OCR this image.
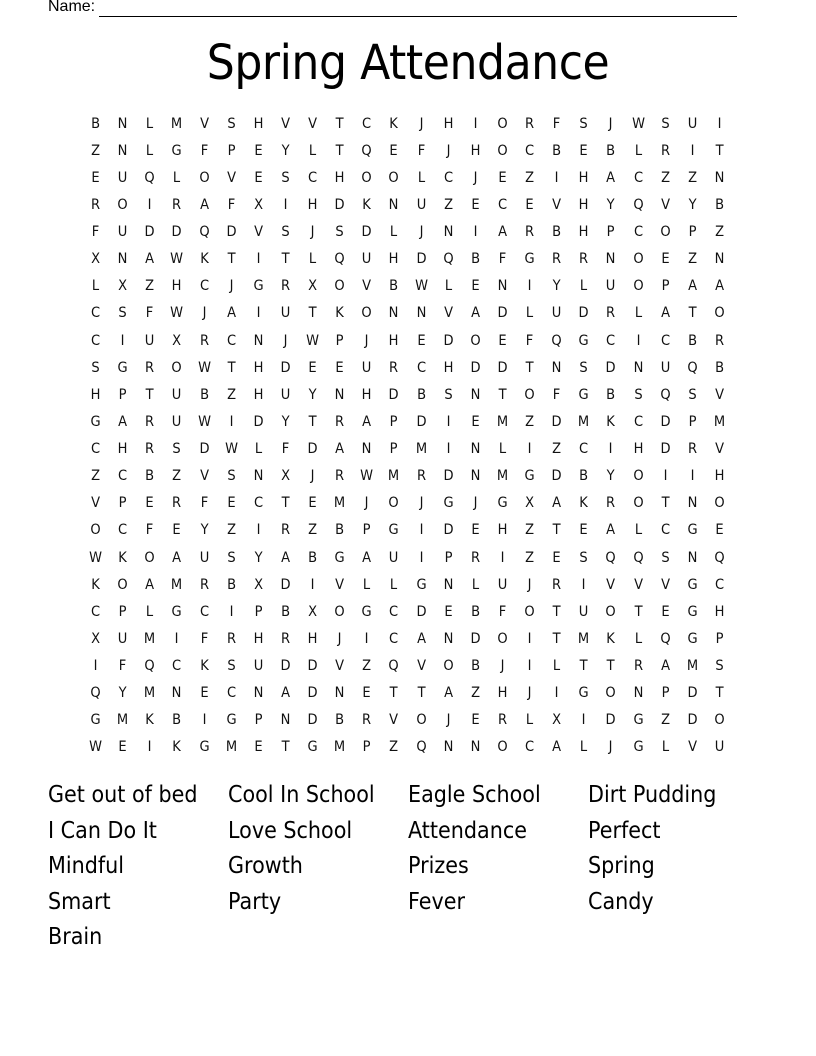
Name:
Spring Attendance
B	N	L	M	V	S	H	V	V	T	C	K	J	H	I	O	R	F	S	J	W	S	U	I
Z	N	L	G	F	P	E	Y	L	T	Q	E	F	J	H	O	C	B	E	B	L	R	I	T
E	U	Q	L	O	V	E	S	C	H	O	O	L	C	J	E	Z	I	H	A	C	Z	Z	N
R	O	I	R	A	F	X	I	H	D	K	N	U	Z	E	C	E	V	H	Y	Q	V	Y	B
F	U	D	D	Q	D	V	S	J	S	D	L	J	N	I	A	R	B	H	P	C	O	P	Z
X	N	A	W	K	T	I	T	L	Q	U	H	D	Q	B	F	G	R	R	N	O	E	Z	N
L	X	Z	H	C	J	G	R	X	O	V	B	W	L	E	N	I	Y	L	U	O	P	A	A
C	S	F	W	J	A	I	U	T	K	O	N	N	V	A	D	L	U	D	R	L	A	T	O
C	I	U	X	R	C	N	J	W	P	J	H	E	D	O	E	F	Q	G	C	I	C	B	R
S	G	R	O	W	T	H	D	E	E	U	R	C	H	D	D	T	N	S	D	N	U	Q	B
H	P	T	U	B	Z	H	U	Y	N	H	D	B	S	N	T	O	F	G	B	S	Q	S	V
G	A	R	U	W	I	D	Y	T	R	A	P	D	I	E	M	Z	D	M	K	C	D	P	M
C	H	R	S	D	W	L	F	D	A	N	P	M	I	N	L	I	Z	C	I	H	D	R	V
Z	C	B	Z	V	S	N	X	J	R	W	M	R	D	N	M	G	D	B	Y	O	I	I	H
V	P	E	R	F	E	C	T	E	M	J	O	J	G	J	G	X	A	K	R	O	T	N	O
O	C	F	E	Y	Z	I	R	Z	B	P	G	I	D	E	H	Z	T	E	A	L	C	G	E
W	K	O	A	U	S	Y	A	B	G	A	U	I	P	R	I	Z	E	S	Q	Q	S	N	Q
K	O	A	M	R	B	X	D	I	V	L	L	G	N	L	U	J	R	I	V	V	V	G	C
C	P	L	G	C	I	P	B	X	O	G	C	D	E	B	F	O	T	U	O	T	E	G	H
X	U	M	I	F	R	H	R	H	J	I	C	A	N	D	O	I	T	M	K	L	Q	G	P
I	F	Q	C	K	S	U	D	D	V	Z	Q	V	O	B	J	I	L	T	T	R	A	M	S
Q	Y	M	N	E	C	N	A	D	N	E	T	T	A	Z	H	J	I	G	O	N	P	D	T
G	M	K	B	I	G	P	N	D	B	R	V	O	J	E	R	L	X	I	D	G	Z	D	O
W	E	I	K	G	M	E	T	G	M	P	Z	Q	N	N	O	C	A	L	J	G	L	V	U
Get out of bed	Cool In School	Eagle School	Dirt Pudding
I Can Do It	Love School	Attendance	Perfect
Mindful	Growth	Prizes	Spring
Smart	Party	Fever	Candy
Brain
